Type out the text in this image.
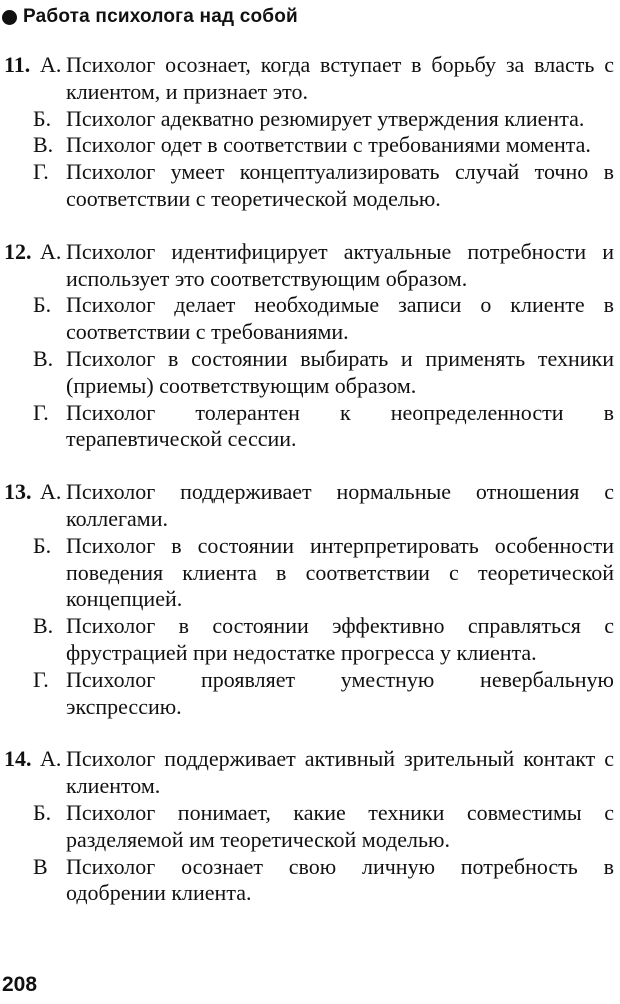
Работа психолога над собой
11. А. Психолог осознает, когда вступает в борьбу за власть с клиентом, и признает это.
Б. Психолог адекватно резюмирует утверждения клиента.
В. Психолог одет в соответствии с требованиями момента.
Г. Психолог умеет концептуализировать случай точно в соответствии с теоретической моделью.
12. А. Психолог идентифицирует актуальные потребности и использует это соответствующим образом.
Б. Психолог делает необходимые записи о клиенте в соответствии с требованиями.
В. Психолог в состоянии выбирать и применять техники (приемы) соответствующим образом.
Г. Психолог толерантен к неопределенности в терапевтической сессии.
13. А. Психолог поддерживает нормальные отношения с коллегами.
Б. Психолог в состоянии интерпретировать особенности поведения клиента в соответствии с теоретической концепцией.
В. Психолог в состоянии эффективно справляться с фрустрацией при недостатке прогресса у клиента.
Г. Психолог проявляет уместную невербальную экспрессию.
14. А. Психолог поддерживает активный зрительный контакт с клиентом.
Б. Психолог понимает, какие техники совместимы с разделяемой им теоретической моделью.
В Психолог осознает свою личную потребность в одобрении клиента.
208
